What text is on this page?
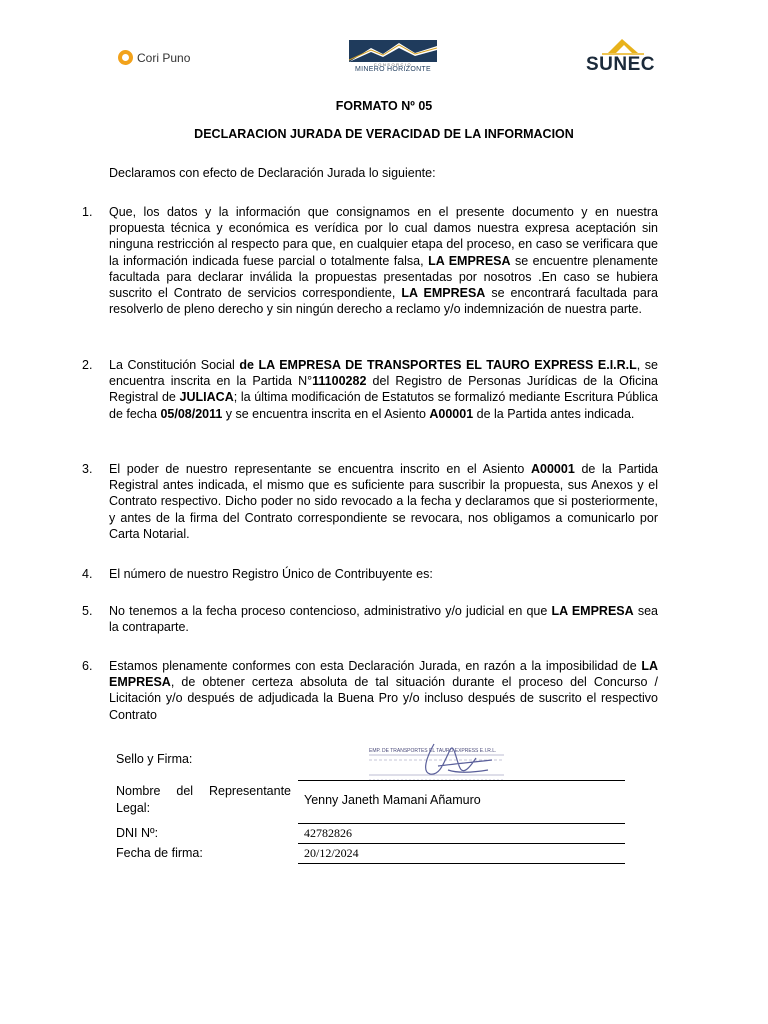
Cori Puno	CONSORCIO
MINERO HORIZONTE	SUNEC
FORMATO Nº 05
DECLARACION JURADA DE VERACIDAD DE LA INFORMACION
Declaramos con efecto de Declaración Jurada lo siguiente:
1.	Que, los datos y la información que consignamos en el presente documento y en nuestra propuesta técnica y económica es verídica por lo cual damos nuestra expresa aceptación sin ninguna restricción al respecto para que, en cualquier etapa del proceso, en caso se verificara que la información indicada fuese parcial o totalmente falsa, LA EMPRESA se encuentre plenamente facultada para declarar inválida la propuestas presentadas por nosotros .En caso se hubiera suscrito el Contrato de servicios correspondiente, LA EMPRESA se encontrará facultada para resolverlo de pleno derecho y sin ningún derecho a reclamo y/o indemnización de nuestra parte.
2.	La Constitución Social de LA EMPRESA DE TRANSPORTES EL TAURO EXPRESS E.I.R.L, se encuentra inscrita en la Partida N°11100282 del Registro de Personas Jurídicas de la Oficina Registral de JULIACA; la última modificación de Estatutos se formalizó mediante Escritura Pública de fecha 05/08/2011 y se encuentra inscrita en el Asiento A00001 de la Partida antes indicada.
3.	El poder de nuestro representante se encuentra inscrito en el Asiento A00001 de la Partida Registral antes indicada, el mismo que es suficiente para suscribir la propuesta, sus Anexos y el Contrato respectivo. Dicho poder no sido revocado a la fecha y declaramos que si posteriormente, y antes de la firma del Contrato correspondiente se revocara, nos obligamos a comunicarlo por Carta Notarial.
4.	El número de nuestro Registro Único de Contribuyente es:
5.	No tenemos a la fecha proceso contencioso, administrativo y/o judicial en que LA EMPRESA sea la contraparte.
6.	Estamos plenamente conformes con esta Declaración Jurada, en razón a la imposibilidad de LA EMPRESA, de obtener certeza absoluta de tal situación durante el proceso del Concurso / Licitación y/o después de adjudicada la Buena Pro y/o incluso después de suscrito el respectivo Contrato
EMP. DE TRANSPORTES EL TAURO EXPRESS E.I.R.L.
Sello y Firma:
Nombre del Representante
Legal:
Yenny Janeth Mamani Añamuro
DNI Nº:	42782826
Fecha de firma:	20/12/2024
